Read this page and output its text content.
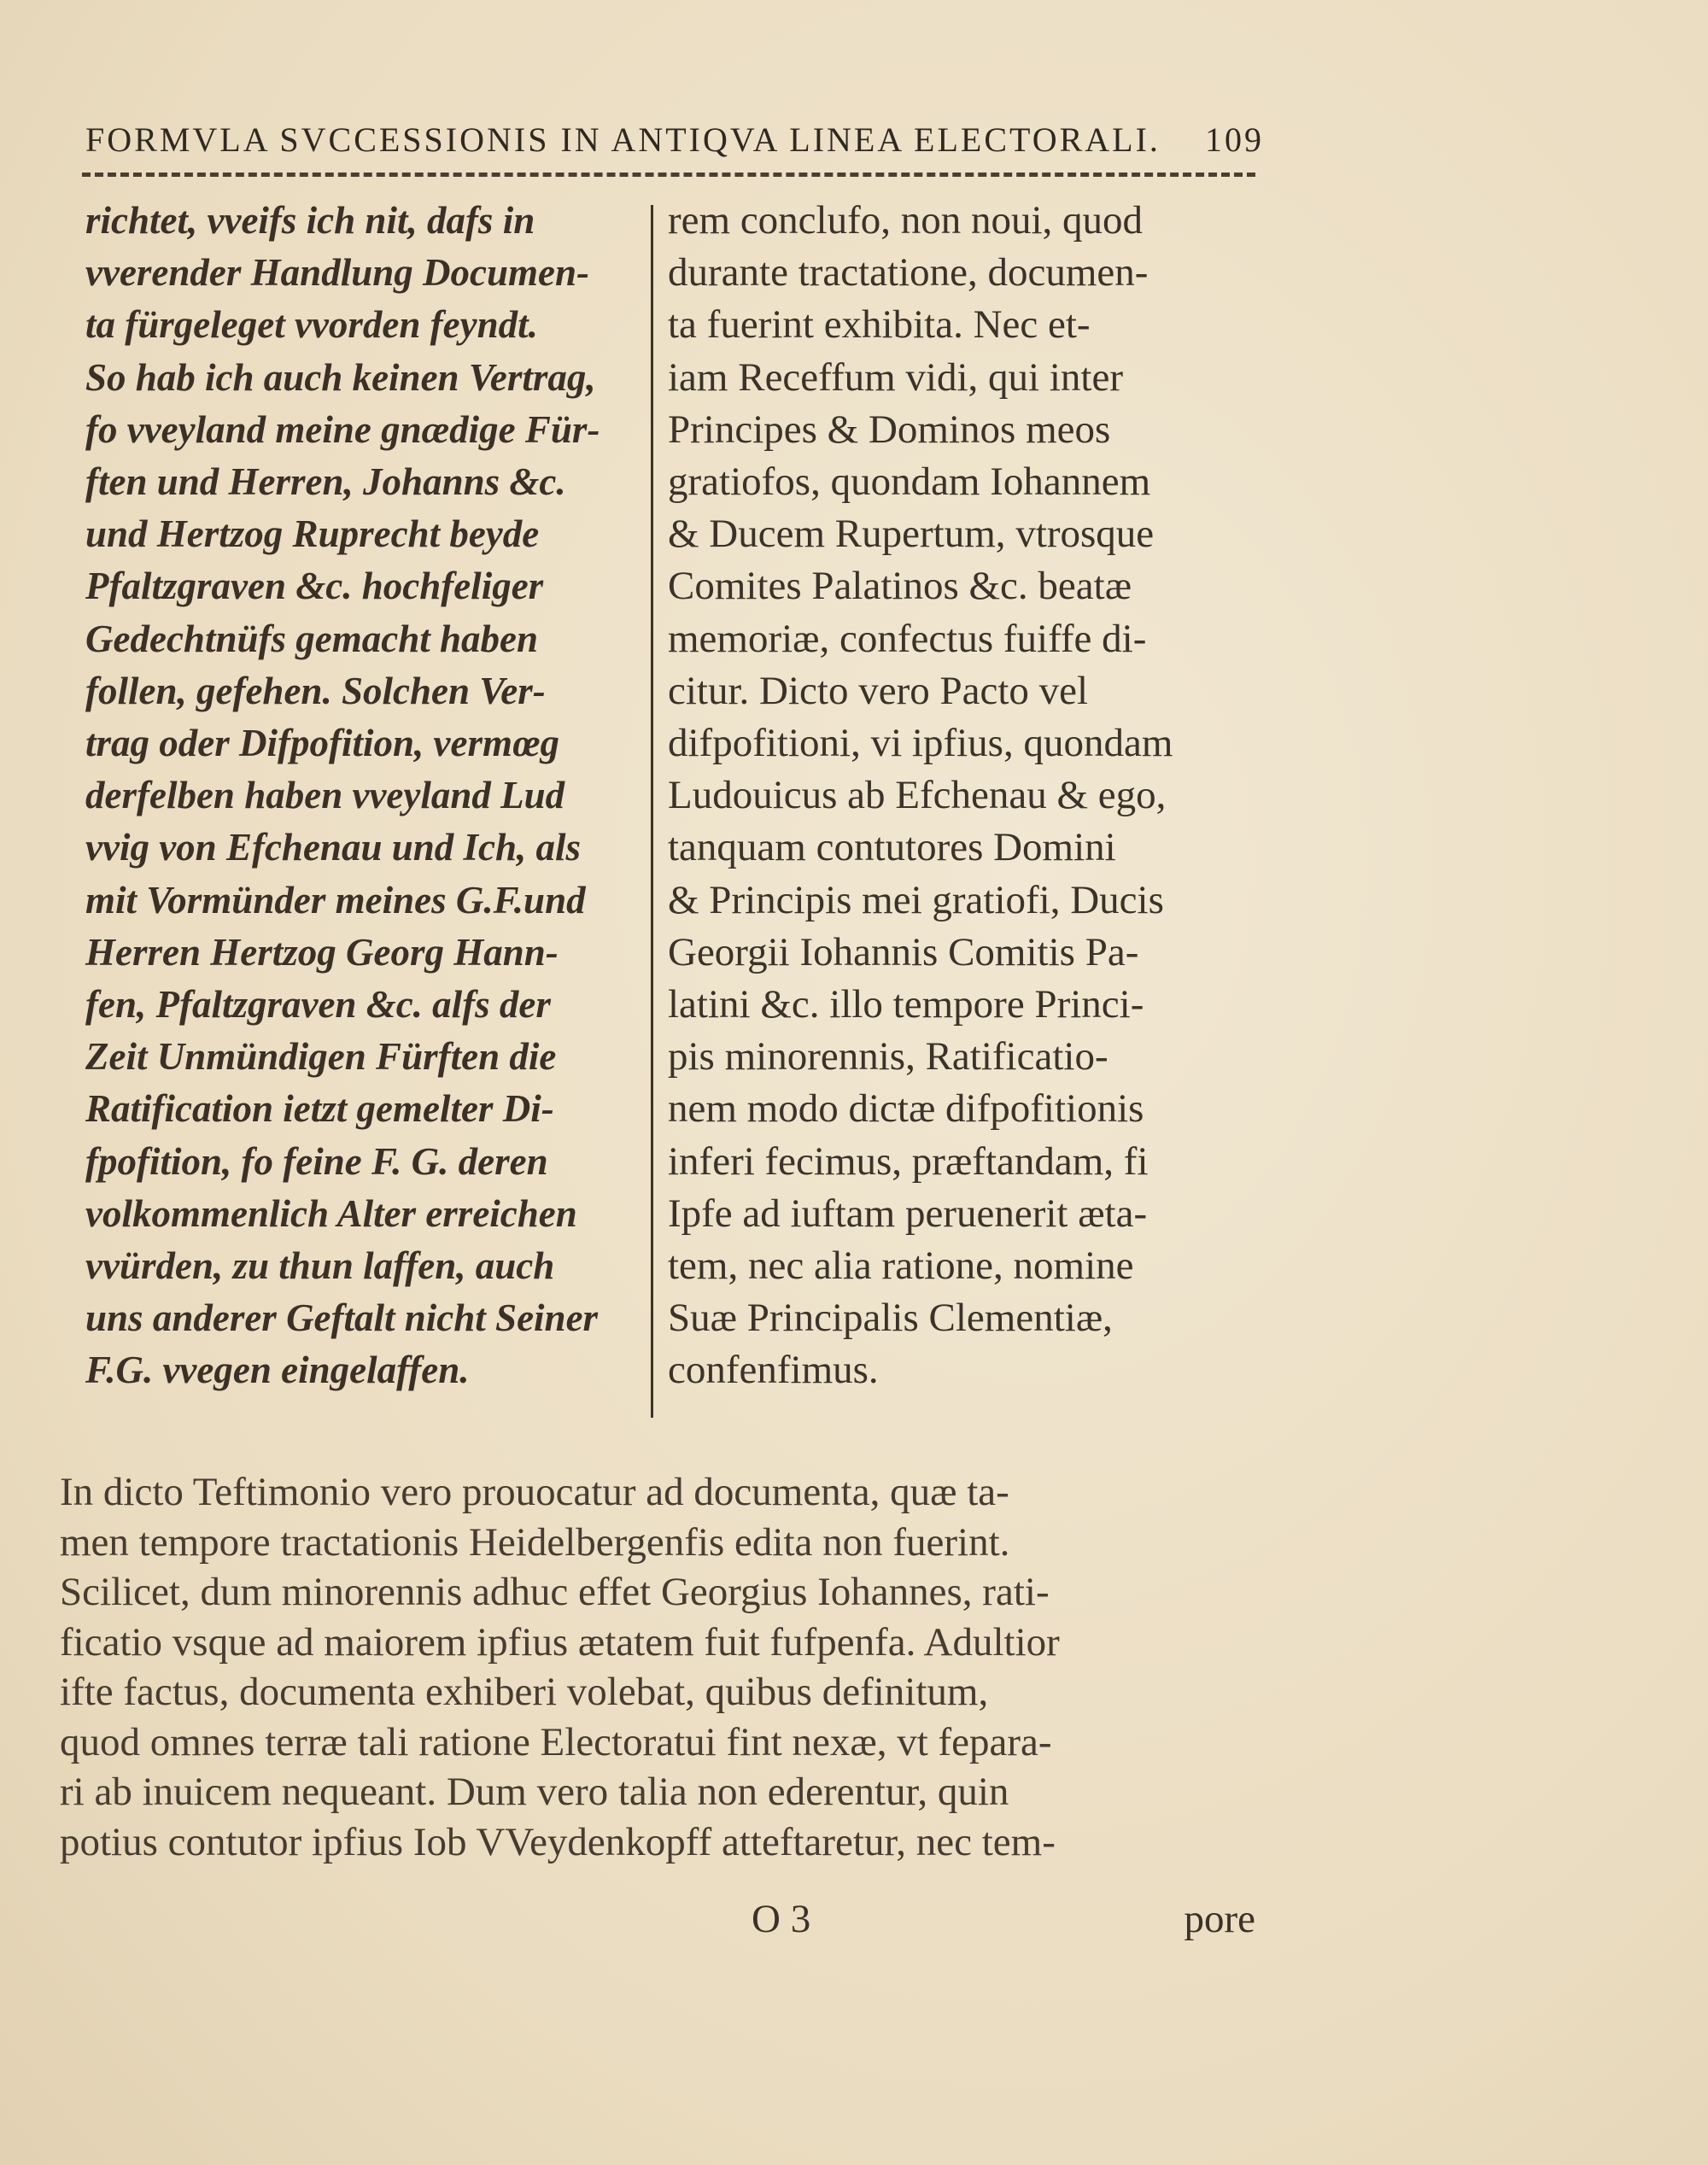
FORMVLA SVCCESSIONIS IN ANTIQVA LINEA ELECTORALI. 109
richtet, vveifs ich nit, dafs in
vverender Handlung Documen-
ta fürgeleget vvorden feyndt.
So hab ich auch keinen Vertrag,
fo vveyland meine gnædige Für-
ften und Herren, Johanns &c.
und Hertzog Ruprecht beyde
Pfaltzgraven &c. hochfeliger
Gedechtnüfs gemacht haben
follen, gefehen. Solchen Ver-
trag oder Difpofition, vermœg
derfelben haben vveyland Lud
vvig von Efchenau und Ich, als
mit Vormünder meines G.F.und
Herren Hertzog Georg Hann-
fen, Pfaltzgraven &c. alfs der
Zeit Unmündigen Fürften die
Ratification ietzt gemelter Di-
fpofition, fo feine F. G. deren
volkommenlich Alter erreichen
vvürden, zu thun laffen, auch
uns anderer Geftalt nicht Seiner
F.G. vvegen eingelaffen.
rem conclufo, non noui, quod
durante tractatione, documen-
ta fuerint exhibita. Nec et-
iam Receffum vidi, qui inter
Principes & Dominos meos
gratiofos, quondam Iohannem
& Ducem Rupertum, vtrosque
Comites Palatinos &c. beatæ
memoriæ, confectus fuiffe di-
citur. Dicto vero Pacto vel
difpofitioni, vi ipfius, quondam
Ludouicus ab Efchenau & ego,
tanquam contutores Domini
& Principis mei gratiofi, Ducis
Georgii Iohannis Comitis Pa-
latini &c. illo tempore Princi-
pis minorennis, Ratificatio-
nem modo dictæ difpofitionis
inferi fecimus, præftandam, fi
Ipfe ad iuftam peruenerit æta-
tem, nec alia ratione, nomine
Suæ Principalis Clementiæ,
confenfimus.
In dicto Teftimonio vero prouocatur ad documenta, quæ ta-
men tempore tractationis Heidelbergenfis edita non fuerint.
Scilicet, dum minorennis adhuc effet Georgius Iohannes, rati-
ficatio vsque ad maiorem ipfius ætatem fuit fufpenfa. Adultior
ifte factus, documenta exhiberi volebat, quibus definitum,
quod omnes terræ tali ratione Electoratui fint nexæ, vt fepara-
ri ab inuicem nequeant. Dum vero talia non ederentur, quin
potius contutor ipfius Iob VVeydenkopff atteftaretur, nec tem-
O 3	pore
